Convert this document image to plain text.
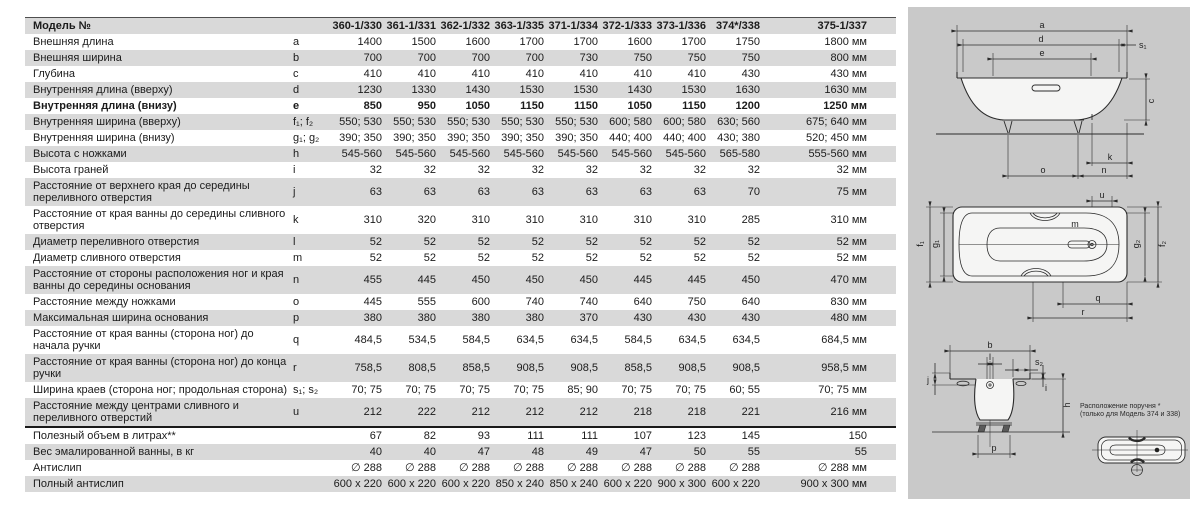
Модель №		360-1/330	361-1/331	362-1/332	363-1/335	371-1/334	372-1/333	373-1/336	374*/338	375-1/337
Внешняя длина	a	1400	1500	1600	1700	1700	1600	1700	1750	1800 мм
Внешняя ширина	b	700	700	700	700	730	750	750	750	800 мм
Глубина	c	410	410	410	410	410	410	410	430	430 мм
Внутренняя длина (вверху)	d	1230	1330	1430	1530	1530	1430	1530	1630	1630 мм
Внутренняя длина (внизу)	e	850	950	1050	1150	1150	1050	1150	1200	1250 мм
Внутренняя ширина (вверху)	f₁; f₂	550; 530	550; 530	550; 530	550; 530	550; 530	600; 580	600; 580	630; 560	675; 640 мм
Внутренняя ширина (внизу)	g₁; g₂	390; 350	390; 350	390; 350	390; 350	390; 350	440; 400	440; 400	430; 380	520; 450 мм
Высота с ножками	h	545-560	545-560	545-560	545-560	545-560	545-560	545-560	565-580	555-560 мм
Высота граней	i	32	32	32	32	32	32	32	32	32 мм
Расстояние от верхнего края до середины переливного отверстия	j	63	63	63	63	63	63	63	70	75 мм
Расстояние от края ванны до середины сливного отверстия	k	310	320	310	310	310	310	310	285	310 мм
Диаметр переливного отверстия	l	52	52	52	52	52	52	52	52	52 мм
Диаметр сливного отверстия	m	52	52	52	52	52	52	52	52	52 мм
Расстояние от стороны расположения ног и края ванны до середины основания	n	455	445	450	450	450	445	445	450	470 мм
Расстояние между ножками	o	445	555	600	740	740	640	750	640	830 мм
Максимальная ширина основания	p	380	380	380	380	370	430	430	430	480 мм
Расстояние от края ванны (сторона ног) до начала ручки	q	484,5	534,5	584,5	634,5	634,5	584,5	634,5	634,5	684,5 мм
Расстояние от края ванны (сторона ног) до конца ручки	r	758,5	808,5	858,5	908,5	908,5	858,5	908,5	908,5	958,5 мм
Ширина краев (сторона ног; продольная сторона)	s₁; s₂	70; 75	70; 75	70; 75	70; 75	85; 90	70; 75	70; 75	60; 55	70; 75 мм
Расстояние между центрами сливного и переливного отверстий	u	212	222	212	212	212	218	218	221	216 мм
Полезный объем в литрах**		67	82	93	111	111	107	123	145	150
Вес эмалированной ванны, в кг		40	40	47	48	49	47	50	55	55
Антислип		∅ 288	∅ 288	∅ 288	∅ 288	∅ 288	∅ 288	∅ 288	∅ 288	∅ 288 мм
Полный антислип		600 x 220	600 x 220	600 x 220	850 x 240	850 x 240	600 x 220	900 x 300	600 x 220	900 x 300 мм
a
d
e
s₁
c
k
o	n
u
m
f₁ g₁	g₂ f₂
q
r
b
l	s₂
j
i
h
p
Расположение поручня *
(только для Модель 374 и 338)
